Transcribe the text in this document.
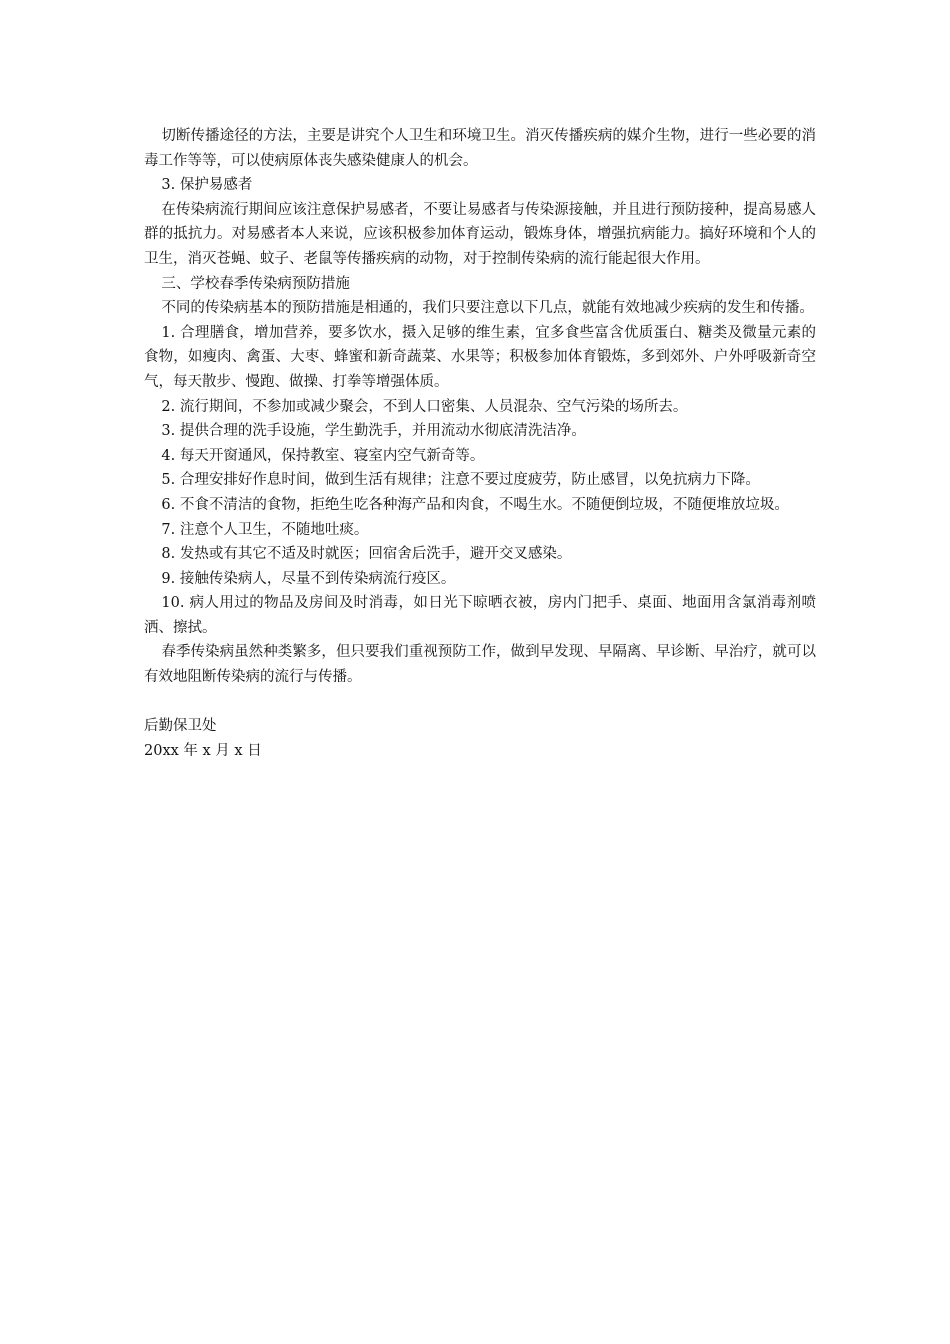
切断传播途径的方法，主要是讲究个人卫生和环境卫生。消灭传播疾病的媒介生物，进行一些必要的消毒工作等等，可以使病原体丧失感染健康人的机会。

3. 保护易感者

在传染病流行期间应该注意保护易感者，不要让易感者与传染源接触，并且进行预防接种，提高易感人群的抵抗力。对易感者本人来说，应该积极参加体育运动，锻炼身体，增强抗病能力。搞好环境和个人的卫生，消灭苍蝇、蚊子、老鼠等传播疾病的动物，对于控制传染病的流行能起很大作用。

三、学校春季传染病预防措施

不同的传染病基本的预防措施是相通的，我们只要注意以下几点，就能有效地减少疾病的发生和传播。

1. 合理膳食，增加营养，要多饮水，摄入足够的维生素，宜多食些富含优质蛋白、糖类及微量元素的食物，如瘦肉、禽蛋、大枣、蜂蜜和新奇蔬菜、水果等；积极参加体育锻炼，多到郊外、户外呼吸新奇空气，每天散步、慢跑、做操、打拳等增强体质。

2. 流行期间，不参加或减少聚会，不到人口密集、人员混杂、空气污染的场所去。

3. 提供合理的洗手设施，学生勤洗手，并用流动水彻底清洗洁净。

4. 每天开窗通风，保持教室、寝室内空气新奇等。

5. 合理安排好作息时间，做到生活有规律；注意不要过度疲劳，防止感冒，以免抗病力下降。

6. 不食不清洁的食物，拒绝生吃各种海产品和肉食，不喝生水。不随便倒垃圾，不随便堆放垃圾。

7. 注意个人卫生，不随地吐痰。

8. 发热或有其它不适及时就医；回宿舍后洗手，避开交叉感染。

9. 接触传染病人，尽量不到传染病流行疫区。

10. 病人用过的物品及房间及时消毒，如日光下晾晒衣被，房内门把手、桌面、地面用含氯消毒剂喷洒、擦拭。

春季传染病虽然种类繁多，但只要我们重视预防工作，做到早发现、早隔离、早诊断、早治疗，就可以有效地阻断传染病的流行与传播。

后勤保卫处

20xx 年 x 月 x 日
